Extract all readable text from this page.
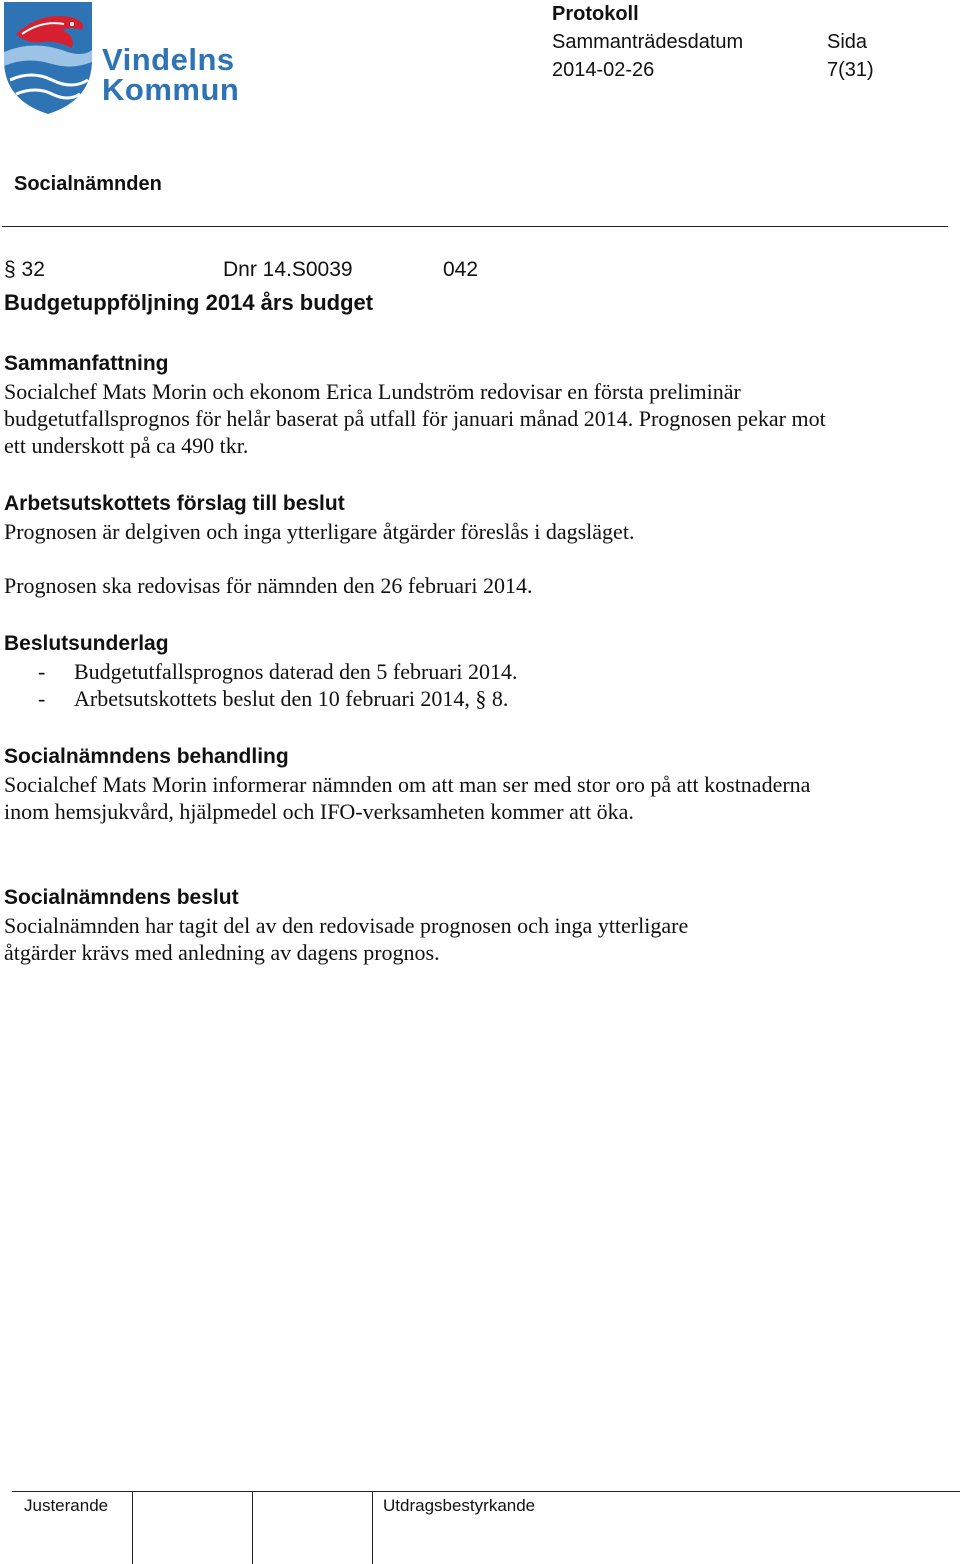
Vindelns
Kommun
Protokoll
Sammanträdesdatum
2014-02-26
Sida
7(31)
Socialnämnden
§ 32	Dnr 14.S0039	042
Budgetuppföljning 2014 års budget

Sammanfattning

Socialchef Mats Morin och ekonom Erica Lundström redovisar en första preliminär budgetutfallsprognos för helår baserat på utfall för januari månad 2014. Prognosen pekar mot ett underskott på ca 490 tkr.

Arbetsutskottets förslag till beslut

Prognosen är delgiven och inga ytterligare åtgärder föreslås i dagsläget.

Prognosen ska redovisas för nämnden den 26 februari 2014.

Beslutsunderlag

- Budgetutfallsprognos daterad den 5 februari 2014.
- Arbetsutskottets beslut den 10 februari 2014, § 8.

Socialnämndens behandling

Socialchef Mats Morin informerar nämnden om att man ser med stor oro på att kostnaderna inom hemsjukvård, hjälpmedel och IFO-verksamheten kommer att öka.

Socialnämndens beslut

Socialnämnden har tagit del av den redovisade prognosen och inga ytterligare åtgärder krävs med anledning av dagens prognos.

Justerande	Utdragsbestyrkande
